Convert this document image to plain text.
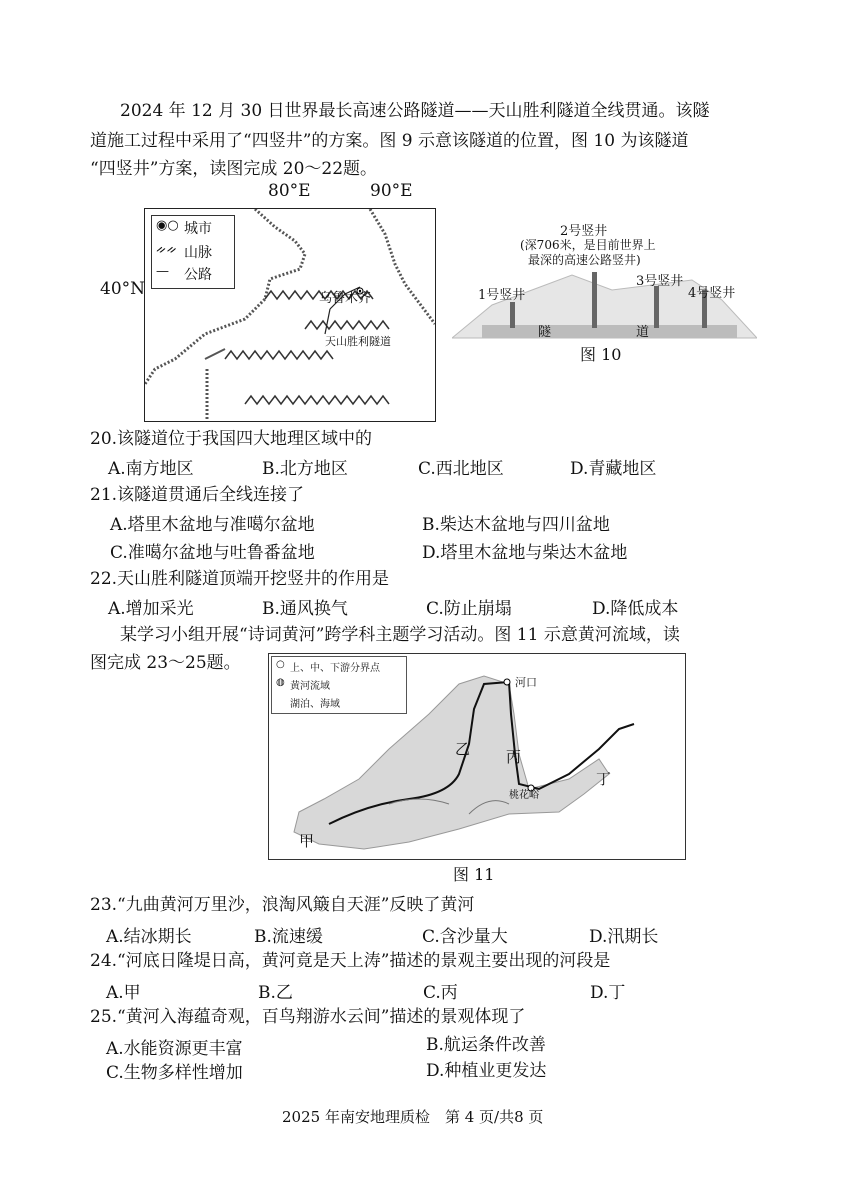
2024 年 12 月 30 日世界最长高速公路隧道——天山胜利隧道全线贯通。该隧
道施工过程中采用了“四竖井”的方案。图 9 示意该隧道的位置，图 10 为该隧道
“四竖井”方案，读图完成 20～22题。
80°E	90°E
40°N
◉○ 城市
ᨀᨀ 山脉
— 公路
乌鲁木齐
天山胜利隧道
2号竖井
(深706米，是目前世界上
最深的高速公路竖井)
1号竖井
3号竖井
4号竖井
隧	道
图 10
20.该隧道位于我国四大地理区域中的
A.南方地区	B.北方地区	C.西北地区	D.青藏地区
21.该隧道贯通后全线连接了
A.塔里木盆地与准噶尔盆地	B.柴达木盆地与四川盆地
C.准噶尔盆地与吐鲁番盆地	D.塔里木盆地与柴达木盆地
22.天山胜利隧道顶端开挖竖井的作用是
A.增加采光	B.通风换气	C.防止崩塌	D.降低成本
某学习小组开展“诗词黄河”跨学科主题学习活动。图 11 示意黄河流域，读
图完成 23～25题。	○ 上、中、下游分界点
◍ 黄河流域
湖泊、海域
河口
桃花峪
甲
乙 丙
丁
图 11
23.“九曲黄河万里沙，浪淘风簸自天涯”反映了黄河
A.结冰期长	B.流速缓	C.含沙量大	D.汛期长
24.“河底日隆堤日高，黄河竟是天上涛”描述的景观主要出现的河段是
A.甲	B.乙	C.丙	D.丁
25.“黄河入海蕴奇观，百鸟翔游水云间”描述的景观体现了
A.水能资源更丰富	B.航运条件改善
C.生物多样性增加	D.种植业更发达
2025 年南安地理质检　第 4 页/共8 页
